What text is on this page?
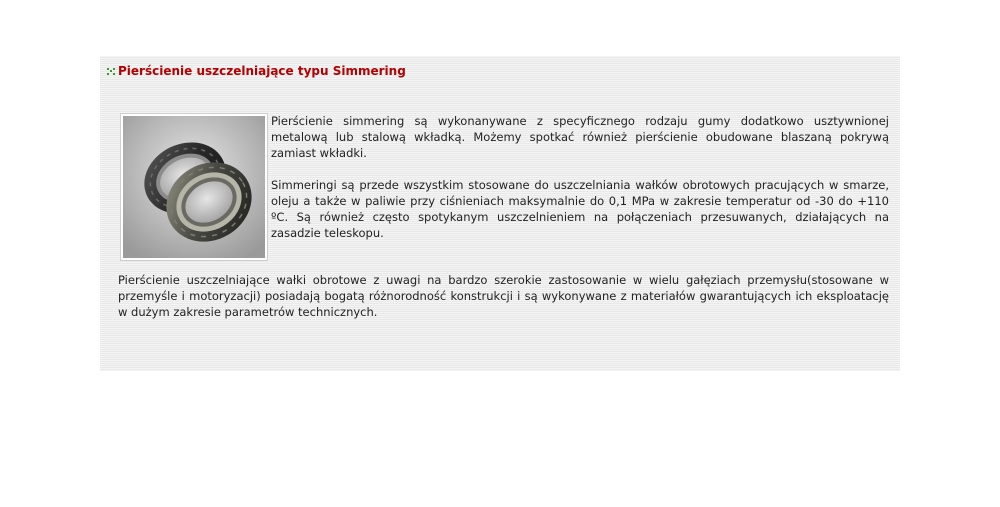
Pierścienie uszczelniające typu Simmering

Pierścienie simmering są wykonanywane z specyficznego rodzaju gumy dodatkowo usztywnionej metalową lub stalową wkładką. Możemy spotkać również pierścienie obudowane blaszaną pokrywą zamiast wkładki.

Simmeringi są przede wszystkim stosowane do uszczelniania wałków obrotowych pracujących w smarze, oleju a także w paliwie przy ciśnieniach maksymalnie do 0,1 MPa w zakresie temperatur od -30 do +110 ºC. Są również często spotykanym uszczelnieniem na połączeniach przesuwanych, działających na zasadzie teleskopu.

Pierścienie uszczelniające wałki obrotowe z uwagi na bardzo szerokie zastosowanie w wielu gałęziach przemysłu(stosowane w przemyśle i motoryzacji) posiadają bogatą różnorodność konstrukcji i są wykonywane z materiałów gwarantujących ich eksploatację w dużym zakresie parametrów technicznych.
